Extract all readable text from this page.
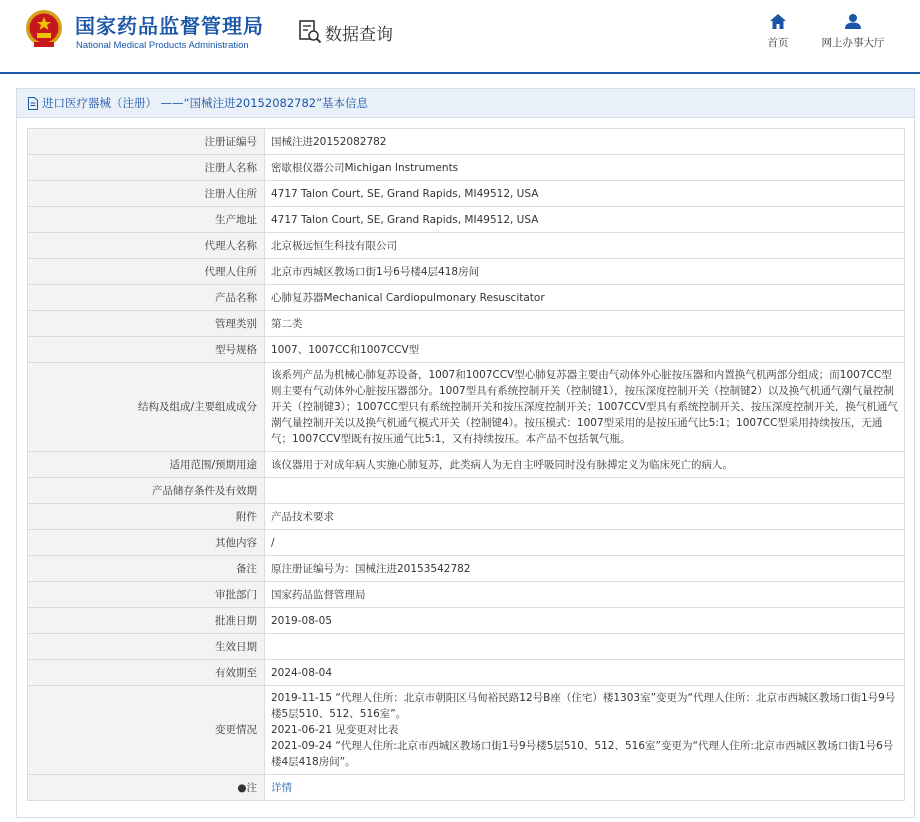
国家药品监督管理局
National Medical Products Administration
数据查询	首页	网上办事大厅
进口医疗器械（注册） ——“国械注进20152082782”基本信息
注册证编号	国械注进20152082782
注册人名称	密歇根仪器公司Michigan Instruments
注册人住所	4717 Talon Court, SE, Grand Rapids, MI49512, USA
生产地址	4717 Talon Court, SE, Grand Rapids, MI49512, USA
代理人名称	北京极远恒生科技有限公司
代理人住所	北京市西城区教场口街1号6号楼4层418房间
产品名称	心肺复苏器Mechanical Cardiopulmonary Resuscitator
管理类别	第二类
型号规格	1007、1007CC和1007CCV型
结构及组成/主要组成成分	该系列产品为机械心肺复苏设备，1007和1007CCV型心肺复苏器主要由气动体外心脏按压器和内置换气机两部分组成；而1007CC型则主要有气动体外心脏按压器部分。1007型具有系统控制开关（控制键1），按压深度控制开关（控制键2）以及换气机通气潮气量控制开关（控制键3）；1007CC型只有系统控制开关和按压深度控制开关；1007CCV型具有系统控制开关、按压深度控制开关，换气机通气潮气量控制开关以及换气机通气模式开关（控制键4）。按压模式：1007型采用的是按压通气比5:1；1007CC型采用持续按压，无通气；1007CCV型既有按压通气比5:1，又有持续按压。本产品不包括氧气瓶。
适用范围/预期用途	该仪器用于对成年病人实施心肺复苏，此类病人为无自主呼吸同时没有脉搏定义为临床死亡的病人。
产品储存条件及有效期	
附件	产品技术要求
其他内容	/
备注	原注册证编号为：国械注进20153542782
审批部门	国家药品监督管理局
批准日期	2019-08-05
生效日期	
有效期至	2024-08-04
变更情况	2019-11-15 “代理人住所：北京市朝阳区马甸裕民路12号B座（住宅）楼1303室”变更为“代理人住所：北京市西城区教场口街1号9号楼5层510、512、516室”。
2021-06-21 见变更对比表
2021-09-24 “代理人住所:北京市西城区教场口街1号9号楼5层510、512、516室”变更为“代理人住所:北京市西城区教场口街1号6号楼4层418房间”。

●注	详情
